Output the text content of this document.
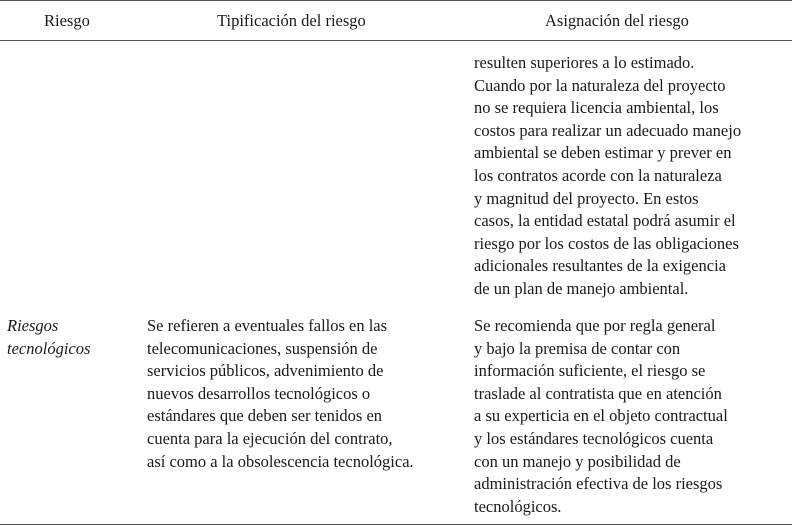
Riesgo	Tipificación del riesgo	Asignación del riesgo
resulten superiores a lo estimado.
Cuando por la naturaleza del proyecto
no se requiera licencia ambiental, los
costos para realizar un adecuado manejo
ambiental se deben estimar y prever en
los contratos acorde con la naturaleza
y magnitud del proyecto. En estos
casos, la entidad estatal podrá asumir el
riesgo por los costos de las obligaciones
adicionales resultantes de la exigencia
de un plan de manejo ambiental.
Riesgos
tecnológicos
Se refieren a eventuales fallos en las
telecomunicaciones, suspensión de
servicios públicos, advenimiento de
nuevos desarrollos tecnológicos o
estándares que deben ser tenidos en
cuenta para la ejecución del contrato,
así como a la obsolescencia tecnológica.
Se recomienda que por regla general
y bajo la premisa de contar con
información suficiente, el riesgo se
traslade al contratista que en atención
a su experticia en el objeto contractual
y los estándares tecnológicos cuenta
con un manejo y posibilidad de
administración efectiva de los riesgos
tecnológicos.
